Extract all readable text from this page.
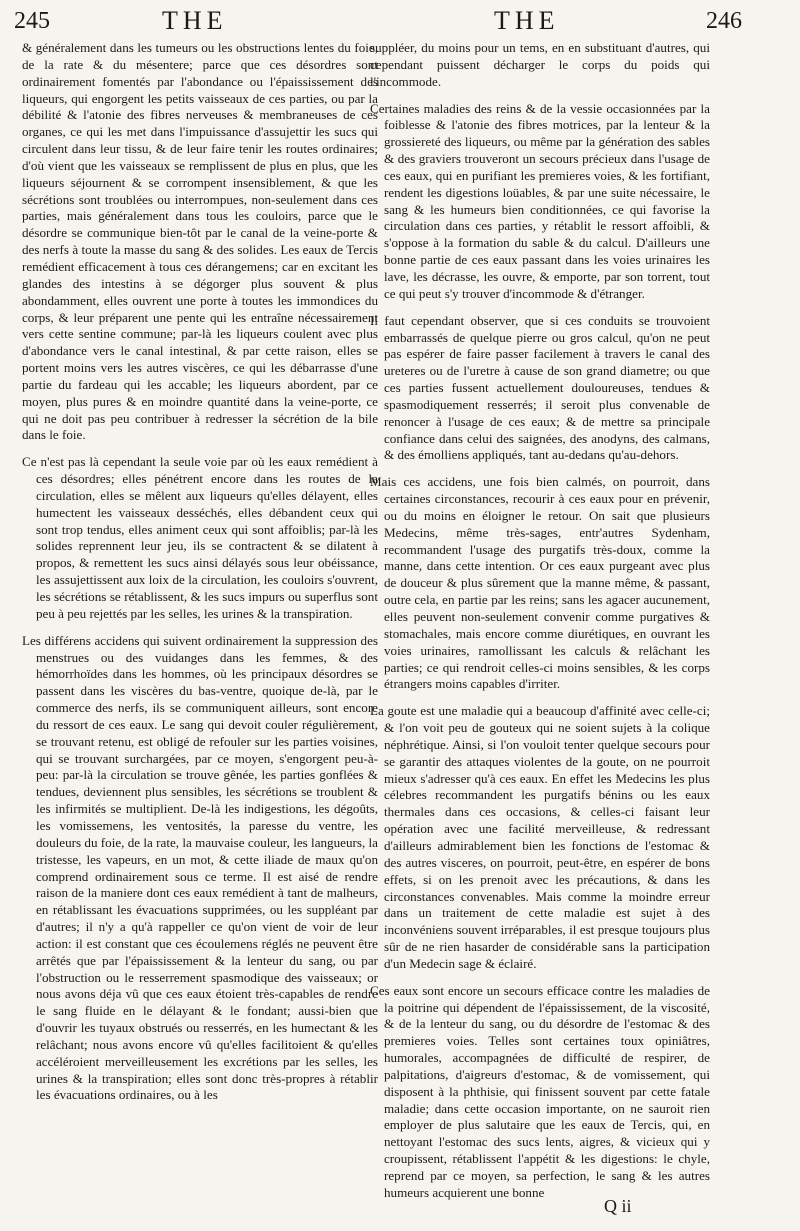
245	THE	THE	246

& généralement dans les tumeurs ou les obstructions lentes du foie, de la rate & du mésentere; parce que ces désordres sont ordinairement fomentés par l'abondance ou l'épaississement des liqueurs, qui engorgent les petits vaisseaux de ces parties, ou par la débilité & l'atonie des fibres nerveuses & membraneuses de ces organes, ce qui les met dans l'impuissance d'assujettir les sucs qui circulent dans leur tissu, & de leur faire tenir les routes ordinaires; d'où vient que les vaisseaux se remplissent de plus en plus, que les liqueurs séjournent & se corrompent insensiblement, & que les sécrétions sont troublées ou interrompues, non-seulement dans ces parties, mais généralement dans tous les couloirs, parce que le désordre se communique bien-tôt par le canal de la veine-porte & des nerfs à toute la masse du sang & des solides. Les eaux de Tercis remédient efficacement à tous ces dérangemens; car en excitant les glandes des intestins à se dégorger plus souvent & plus abondamment, elles ouvrent une porte à toutes les immondices du corps, & leur préparent une pente qui les entraîne nécessairement vers cette sentine commune; par-là les liqueurs coulent avec plus d'abondance vers le canal intestinal, & par cette raison, elles se portent moins vers les autres viscères, ce qui les débarrasse d'une partie du fardeau qui les accable; les liqueurs abordent, par ce moyen, plus pures & en moindre quantité dans la veine-porte, ce qui ne doit pas peu contribuer à redresser la sécrétion de la bile dans le foie.

Ce n'est pas là cependant la seule voie par où les eaux remédient à ces désordres; elles pénétrent encore dans les routes de la circulation, elles se mêlent aux liqueurs qu'elles délayent, elles humectent les vaisseaux desséchés, elles débandent ceux qui sont trop tendus, elles animent ceux qui sont affoiblis; par-là les solides reprennent leur jeu, ils se contractent & se dilatent à propos, & remettent les sucs ainsi délayés sous leur obéissance, les assujettissent aux loix de la circulation, les couloirs s'ouvrent, les sécrétions se rétablissent, & les sucs impurs ou superflus sont peu à peu rejettés par les selles, les urines & la transpiration.

Les différens accidens qui suivent ordinairement la suppression des menstrues ou des vuidanges dans les femmes, & des hémorrhoïdes dans les hommes, où les principaux désordres se passent dans les viscères du bas-ventre, quoique de-là, par le commerce des nerfs, ils se communiquent ailleurs, sont encore du ressort de ces eaux. Le sang qui devoit couler régulièrement, se trouvant retenu, est obligé de refouler sur les parties voisines, qui se trouvant surchargées, par ce moyen, s'engorgent peu-à-peu: par-là la circulation se trouve gênée, les parties gonflées & tendues, deviennent plus sensibles, les sécrétions se troublent & les infirmités se multiplient. De-là les indigestions, les dégoûts, les vomissemens, les ventosités, la paresse du ventre, les douleurs du foie, de la rate, la mauvaise couleur, les langueurs, la tristesse, les vapeurs, en un mot, & cette iliade de maux qu'on comprend ordinairement sous ce terme. Il est aisé de rendre raison de la maniere dont ces eaux remédient à tant de malheurs, en rétablissant les évacuations supprimées, ou les suppléant par d'autres; il n'y a qu'à rappeller ce qu'on vient de voir de leur action: il est constant que ces écoulemens réglés ne peuvent être arrêtés que par l'épaississement & la lenteur du sang, ou par l'obstruction ou le resserrement spasmodique des vaisseaux; or nous avons déja vû que ces eaux étoient très-capables de rendre le sang fluide en le délayant & le fondant; aussi-bien que d'ouvrir les tuyaux obstrués ou resserrés, en les humectant & les relâchant; nous avons encore vû qu'elles facilitoient & qu'elles accéléroient merveilleusement les excrétions par les selles, les urines & la transpiration; elles sont donc très-propres à rétablir les évacuations ordinaires, ou à les

suppléer, du moins pour un tems, en en substituant d'autres, qui cependant puissent décharger le corps du poids qui l'incommode.

Certaines maladies des reins & de la vessie occasionnées par la foiblesse & l'atonie des fibres motrices, par la lenteur & la grossiereté des liqueurs, ou même par la génération des sables & des graviers trouveront un secours précieux dans l'usage de ces eaux, qui en purifiant les premieres voies, & les fortifiant, rendent les digestions loüables, & par une suite nécessaire, le sang & les humeurs bien conditionnées, ce qui favorise la circulation dans ces parties, y rétablit le ressort affoibli, & s'oppose à la formation du sable & du calcul. D'ailleurs une bonne partie de ces eaux passant dans les voies urinaires les lave, les décrasse, les ouvre, & emporte, par son torrent, tout ce qui peut s'y trouver d'incommode & d'étranger.

Il faut cependant observer, que si ces conduits se trouvoient embarrassés de quelque pierre ou gros calcul, qu'on ne peut pas espérer de faire passer facilement à travers le canal des ureteres ou de l'uretre à cause de son grand diametre; ou que ces parties fussent actuellement douloureuses, tendues & spasmodiquement resserrés; il seroit plus convenable de renoncer à l'usage de ces eaux; & de mettre sa principale confiance dans celui des saignées, des anodyns, des calmans, & des émolliens appliqués, tant au-dedans qu'au-dehors.

Mais ces accidens, une fois bien calmés, on pourroit, dans certaines circonstances, recourir à ces eaux pour en prévenir, ou du moins en éloigner le retour. On sait que plusieurs Medecins, même très-sages, entr'autres Sydenham, recommandent l'usage des purgatifs très-doux, comme la manne, dans cette intention. Or ces eaux purgeant avec plus de douceur & plus sûrement que la manne même, & passant, outre cela, en partie par les reins; sans les agacer aucunement, elles peuvent non-seulement convenir comme purgatives & stomachales, mais encore comme diurétiques, en ouvrant les voies urinaires, ramollissant les calculs & relâchant les parties; ce qui rendroit celles-ci moins sensibles, & les corps étrangers moins capables d'irriter.

La goute est une maladie qui a beaucoup d'affinité avec celle-ci; & l'on voit peu de gouteux qui ne soient sujets à la colique néphrétique. Ainsi, si l'on vouloit tenter quelque secours pour se garantir des attaques violentes de la goute, on ne pourroit mieux s'adresser qu'à ces eaux. En effet les Medecins les plus célebres recommandent les purgatifs bénins ou les eaux thermales dans ces occasions, & celles-ci faisant leur opération avec une facilité merveilleuse, & redressant d'ailleurs admirablement bien les fonctions de l'estomac & des autres visceres, on pourroit, peut-être, en espérer de bons effets, si on les prenoit avec les précautions, & dans les circonstances convenables. Mais comme la moindre erreur dans un traitement de cette maladie est sujet à des inconvéniens souvent irréparables, il est presque toujours plus sûr de ne rien hasarder de considérable sans la participation d'un Medecin sage & éclairé.

Ces eaux sont encore un secours efficace contre les maladies de la poitrine qui dépendent de l'épaississement, de la viscosité, & de la lenteur du sang, ou du désordre de l'estomac & des premieres voies. Telles sont certaines toux opiniâtres, humorales, accompagnées de difficulté de respirer, de palpitations, d'aigreurs d'estomac, & de vomissement, qui disposent à la phthisie, qui finissent souvent par cette fatale maladie; dans cette occasion importante, on ne sauroit rien employer de plus salutaire que les eaux de Tercis, qui, en nettoyant l'estomac des sucs lents, aigres, & vicieux qui y croupissent, rétablissent l'appétit & les digestions: le chyle, reprend par ce moyen, sa perfection, le sang & les autres humeurs acquierent une bonne

Q ii
